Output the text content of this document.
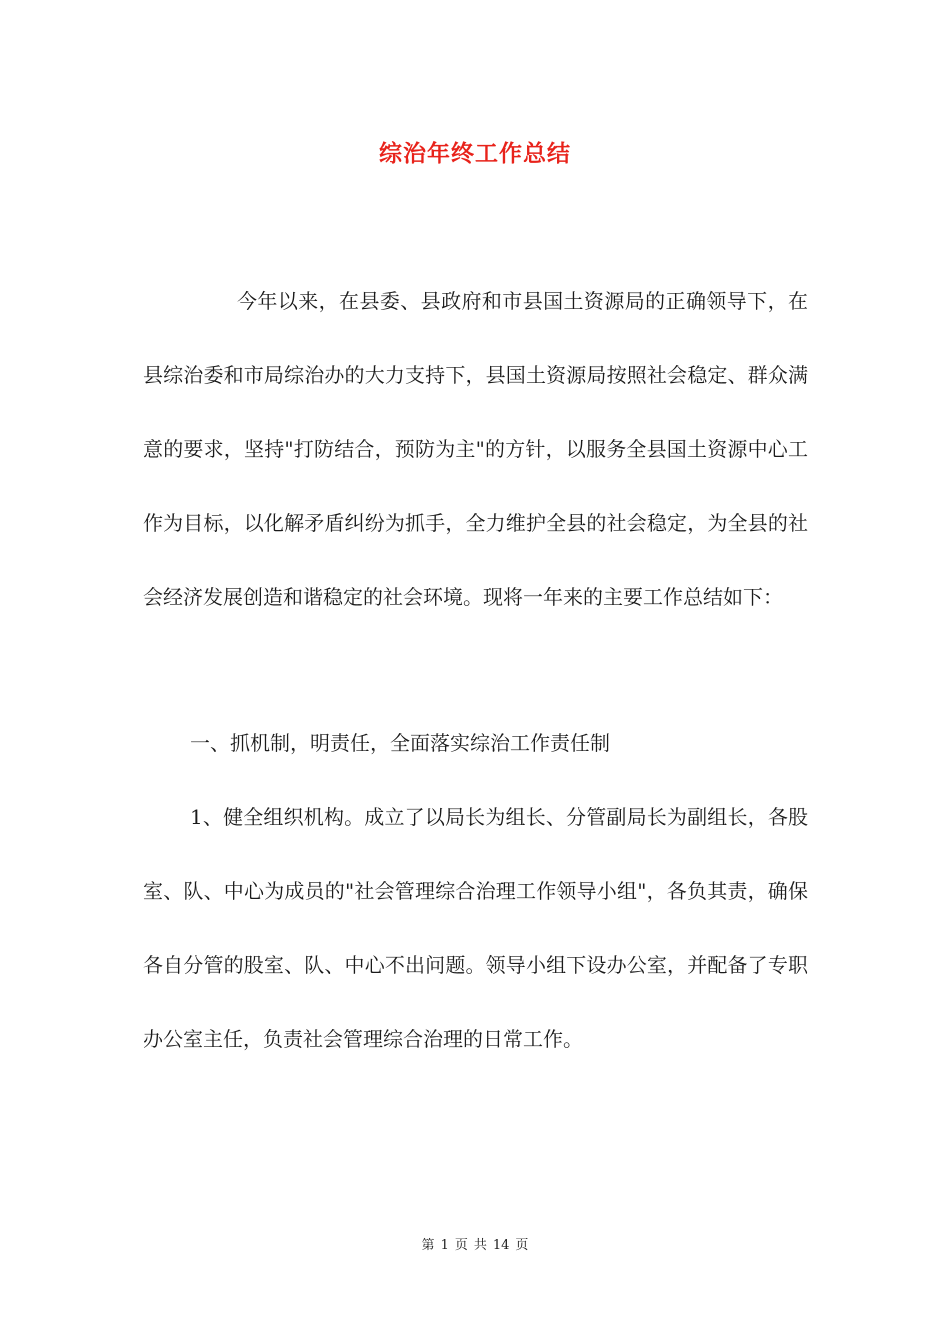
综治年终工作总结

今年以来，在县委、县政府和市县国土资源局的正确领导下，在县综治委和市局综治办的大力支持下，县国土资源局按照社会稳定、群众满意的要求，坚持"打防结合，预防为主"的方针，以服务全县国土资源中心工作为目标，以化解矛盾纠纷为抓手，全力维护全县的社会稳定，为全县的社会经济发展创造和谐稳定的社会环境。现将一年来的主要工作总结如下：

一、抓机制，明责任，全面落实综治工作责任制

1、健全组织机构。成立了以局长为组长、分管副局长为副组长，各股室、队、中心为成员的"社会管理综合治理工作领导小组"，各负其责，确保各自分管的股室、队、中心不出问题。领导小组下设办公室，并配备了专职办公室主任，负责社会管理综合治理的日常工作。

第 1 页 共 14 页
